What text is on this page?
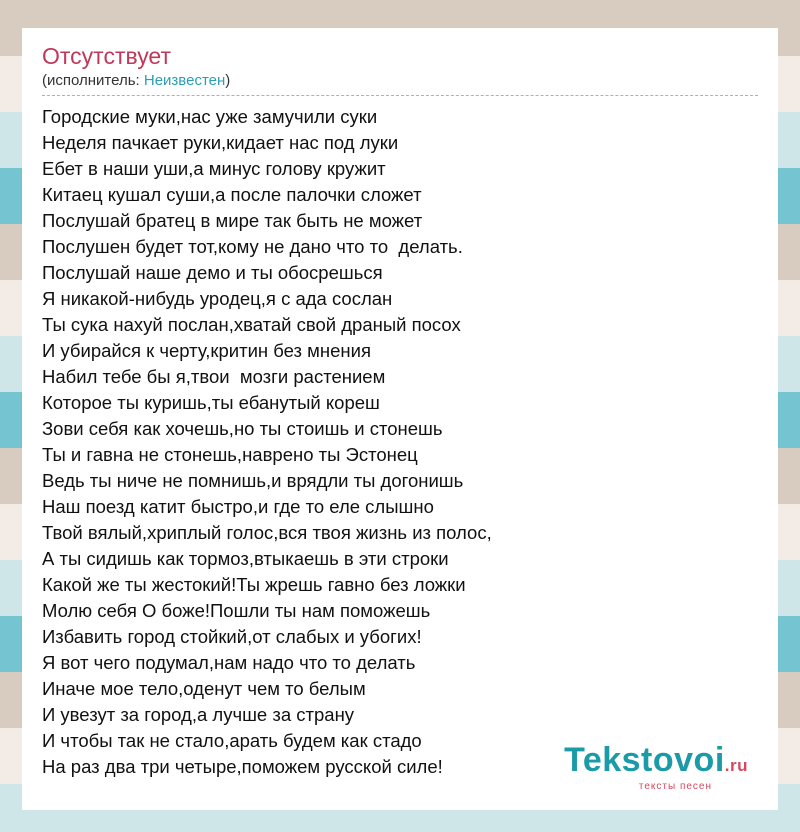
Отсутствует
(исполнитель: Неизвестен)
Городские муки,нас уже замучили суки
Неделя пачкает руки,кидает нас под луки
Ебет в наши уши,а минус голову кружит
Китаец кушал суши,а после палочки сложет
Послушай братец в мире так быть не может
Послушен будет тот,кому не дано что то  делать.
Послушай наше демо и ты обосрешься
Я никакой-нибудь уродец,я с ада сослан
Ты сука нахуй послан,хватай свой драный посох
И убирайся к черту,критин без мнения
Набил тебе бы я,твои  мозги растением
Которое ты куришь,ты ебанутый кореш
Зови себя как хочешь,но ты стоишь и стонешь
Ты и гавна не стонешь,наврено ты Эстонец
Ведь ты ниче не помнишь,и врядли ты догонишь
Наш поезд катит быстро,и где то еле слышно
Твой вялый,хриплый голос,вся твоя жизнь из полос,
А ты сидишь как тормоз,втыкаешь в эти строки
Какой же ты жестокий!Ты жрешь гавно без ложки
Молю себя О боже!Пошли ты нам поможешь
Избавить город стойкий,от слабых и убогих!
Я вот чего подумал,нам надо что то делать
Иначе мое тело,оденут чем то белым
И увезут за город,а лучше за страну
И чтобы так не стало,арать будем как стадо
На раз два три четыре,поможем русской силе!	Tekstovoi.ru
тексты песен
